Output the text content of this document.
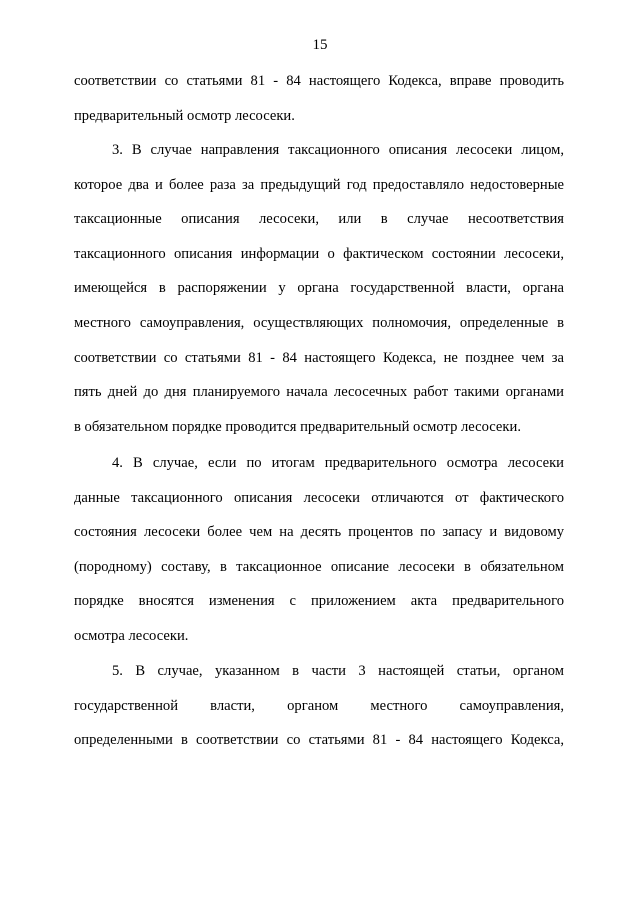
15
соответствии со статьями 81 - 84 настоящего Кодекса, вправе проводить
предварительный осмотр лесосеки.
3. В случае направления таксационного описания лесосеки лицом,
которое два и более раза за предыдущий год предоставляло недостоверные
таксационные описания лесосеки, или в случае несоответствия
таксационного описания информации о фактическом состоянии лесосеки,
имеющейся в распоряжении у органа государственной власти, органа
местного самоуправления, осуществляющих полномочия, определенные в
соответствии со статьями 81 - 84 настоящего Кодекса, не позднее чем за
пять дней до дня планируемого начала лесосечных работ такими органами
в обязательном порядке проводится предварительный осмотр лесосеки.
4. В случае, если по итогам предварительного осмотра лесосеки
данные таксационного описания лесосеки отличаются от фактического
состояния лесосеки более чем на десять процентов по запасу и видовому
(породному) составу, в таксационное описание лесосеки в обязательном
порядке вносятся изменения с приложением акта предварительного
осмотра лесосеки.
5. В случае, указанном в части 3 настоящей статьи, органом
государственной власти, органом местного самоуправления,
определенными в соответствии со статьями 81 - 84 настоящего Кодекса,
